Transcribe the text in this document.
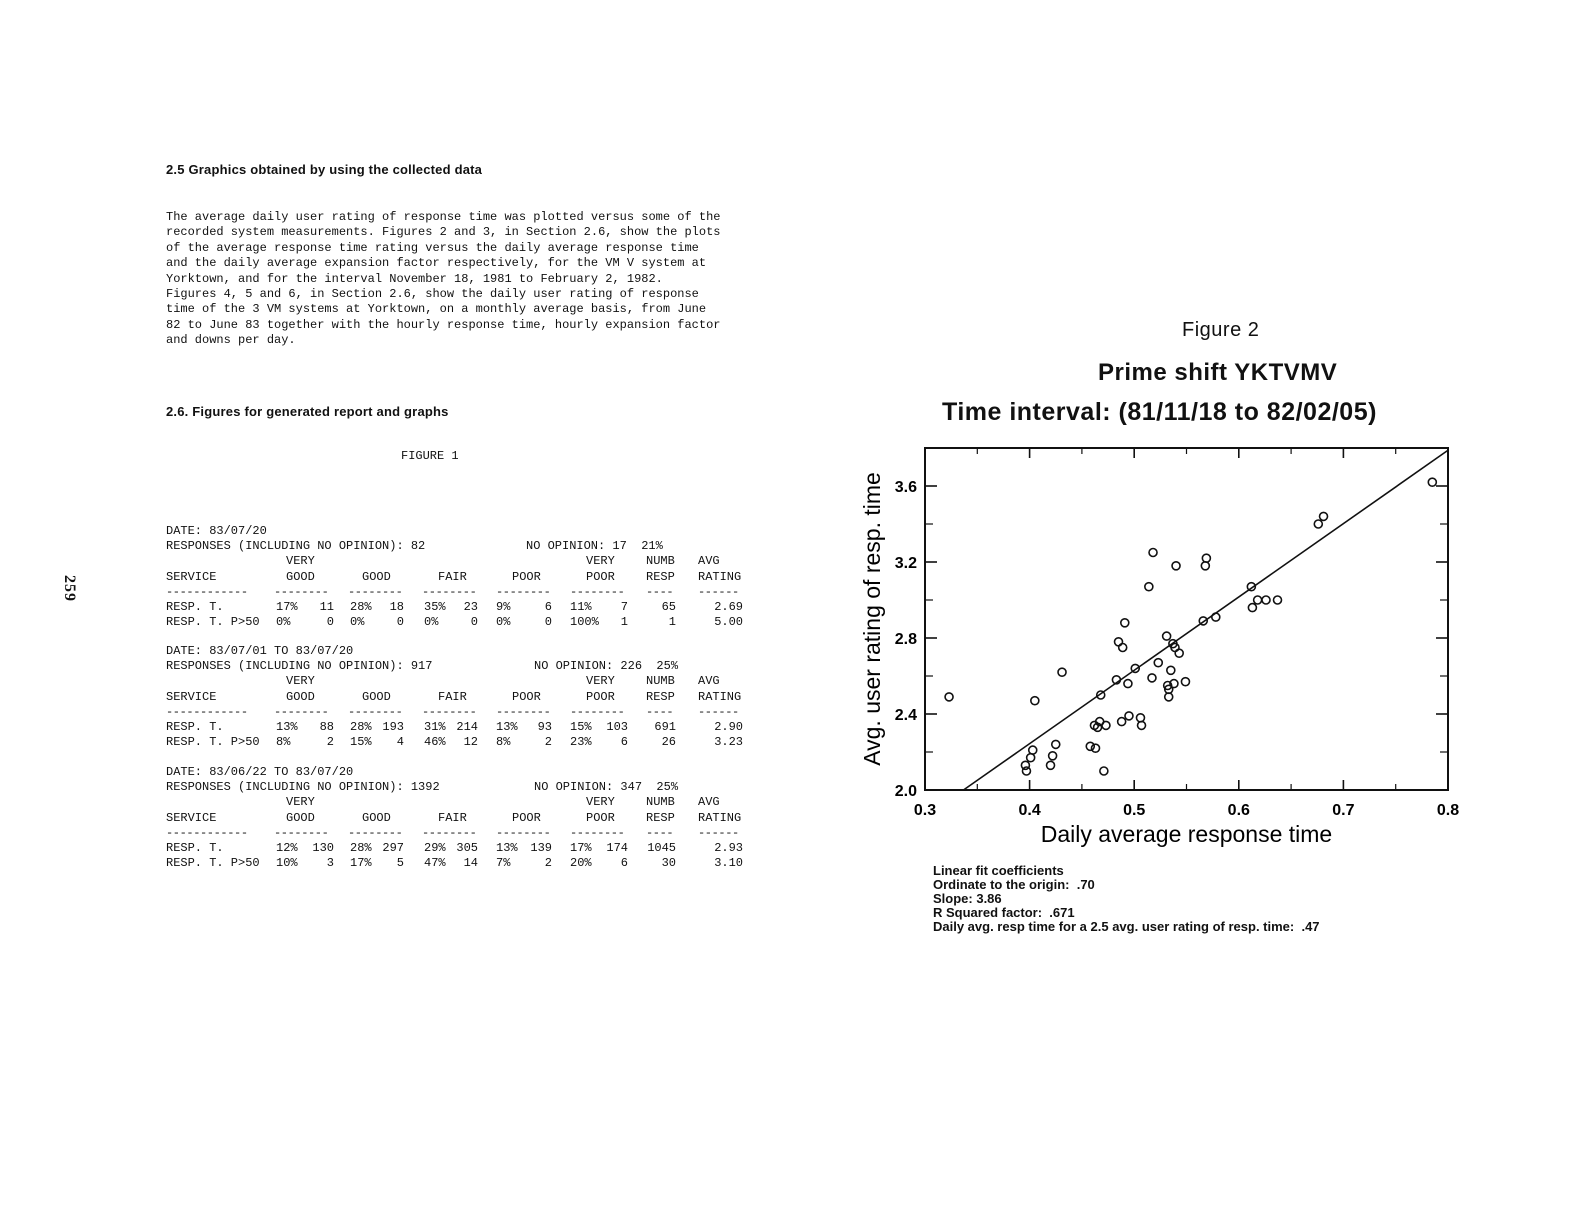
259
2.5 Graphics obtained by using the collected data

The average daily user rating of response time was plotted versus some of the recorded system measurements. Figures 2 and 3, in Section 2.6, show the plots of the average response time rating versus the daily average response time and the daily average expansion factor respectively, for the VM V system at Yorktown, and for the interval November 18, 1981 to February 2, 1982.

Figures 4, 5 and 6, in Section 2.6, show the daily user rating of response time of the 3 VM systems at Yorktown, on a monthly average basis, from June 82 to June 83 together with the hourly response time, hourly expansion factor and downs per day.

2.6. Figures for generated report and graphs
FIGURE 1
DATE: 83/07/20
RESPONSES (INCLUDING NO OPINION): 82	NO OPINION: 17  21%
VERY	VERY	NUMB	AVG
SERVICE	GOOD	GOOD	FAIR	POOR	POOR	RESP	RATING
------------	--------	--------	--------	--------	--------	----	------
RESP. T.	17%	11 28%	18 35%	23 9%	6 11%	7	65	2.69
RESP. T. P>50	0%	0 0%	0 0%	0 0%	0 100%	1	1	5.00
DATE: 83/07/01 TO 83/07/20
RESPONSES (INCLUDING NO OPINION): 917	NO OPINION: 226  25%
VERY	VERY	NUMB	AVG
SERVICE	GOOD	GOOD	FAIR	POOR	POOR	RESP	RATING
------------	--------	--------	--------	--------	--------	----	------
RESP. T.	13%	88 28% 193 31% 214 13%	93 15%	103	691	2.90
RESP. T. P>50	8%	2 15%	4 46%	12 8%	2 23%	6	26	3.23
DATE: 83/06/22 TO 83/07/20
RESPONSES (INCLUDING NO OPINION): 1392	NO OPINION: 347  25%
VERY	VERY	NUMB	AVG
SERVICE	GOOD	GOOD	FAIR	POOR	POOR	RESP	RATING
------------	--------	--------	--------	--------	--------	----	------
RESP. T.	12%	130 28% 297 29% 305 13%	139 17%	174 1045	2.93
RESP. T. P>50	10%	3 17%	5 47%	14 7%	2 20%	6	30	3.10
Figure 2
Prime shift YKTVMV
Time interval: (81/11/18 to 82/02/05)
0.3	0.4	0.5	0.6	0.7	0.8
2.0
2.4
2.8
3.2
3.6
Daily average response time
Avg. user rating of resp. time
Linear fit coefficients
Ordinate to the origin:  .70
Slope: 3.86
R Squared factor:  .671
Daily avg. resp time for a 2.5 avg. user rating of resp. time:  .47
